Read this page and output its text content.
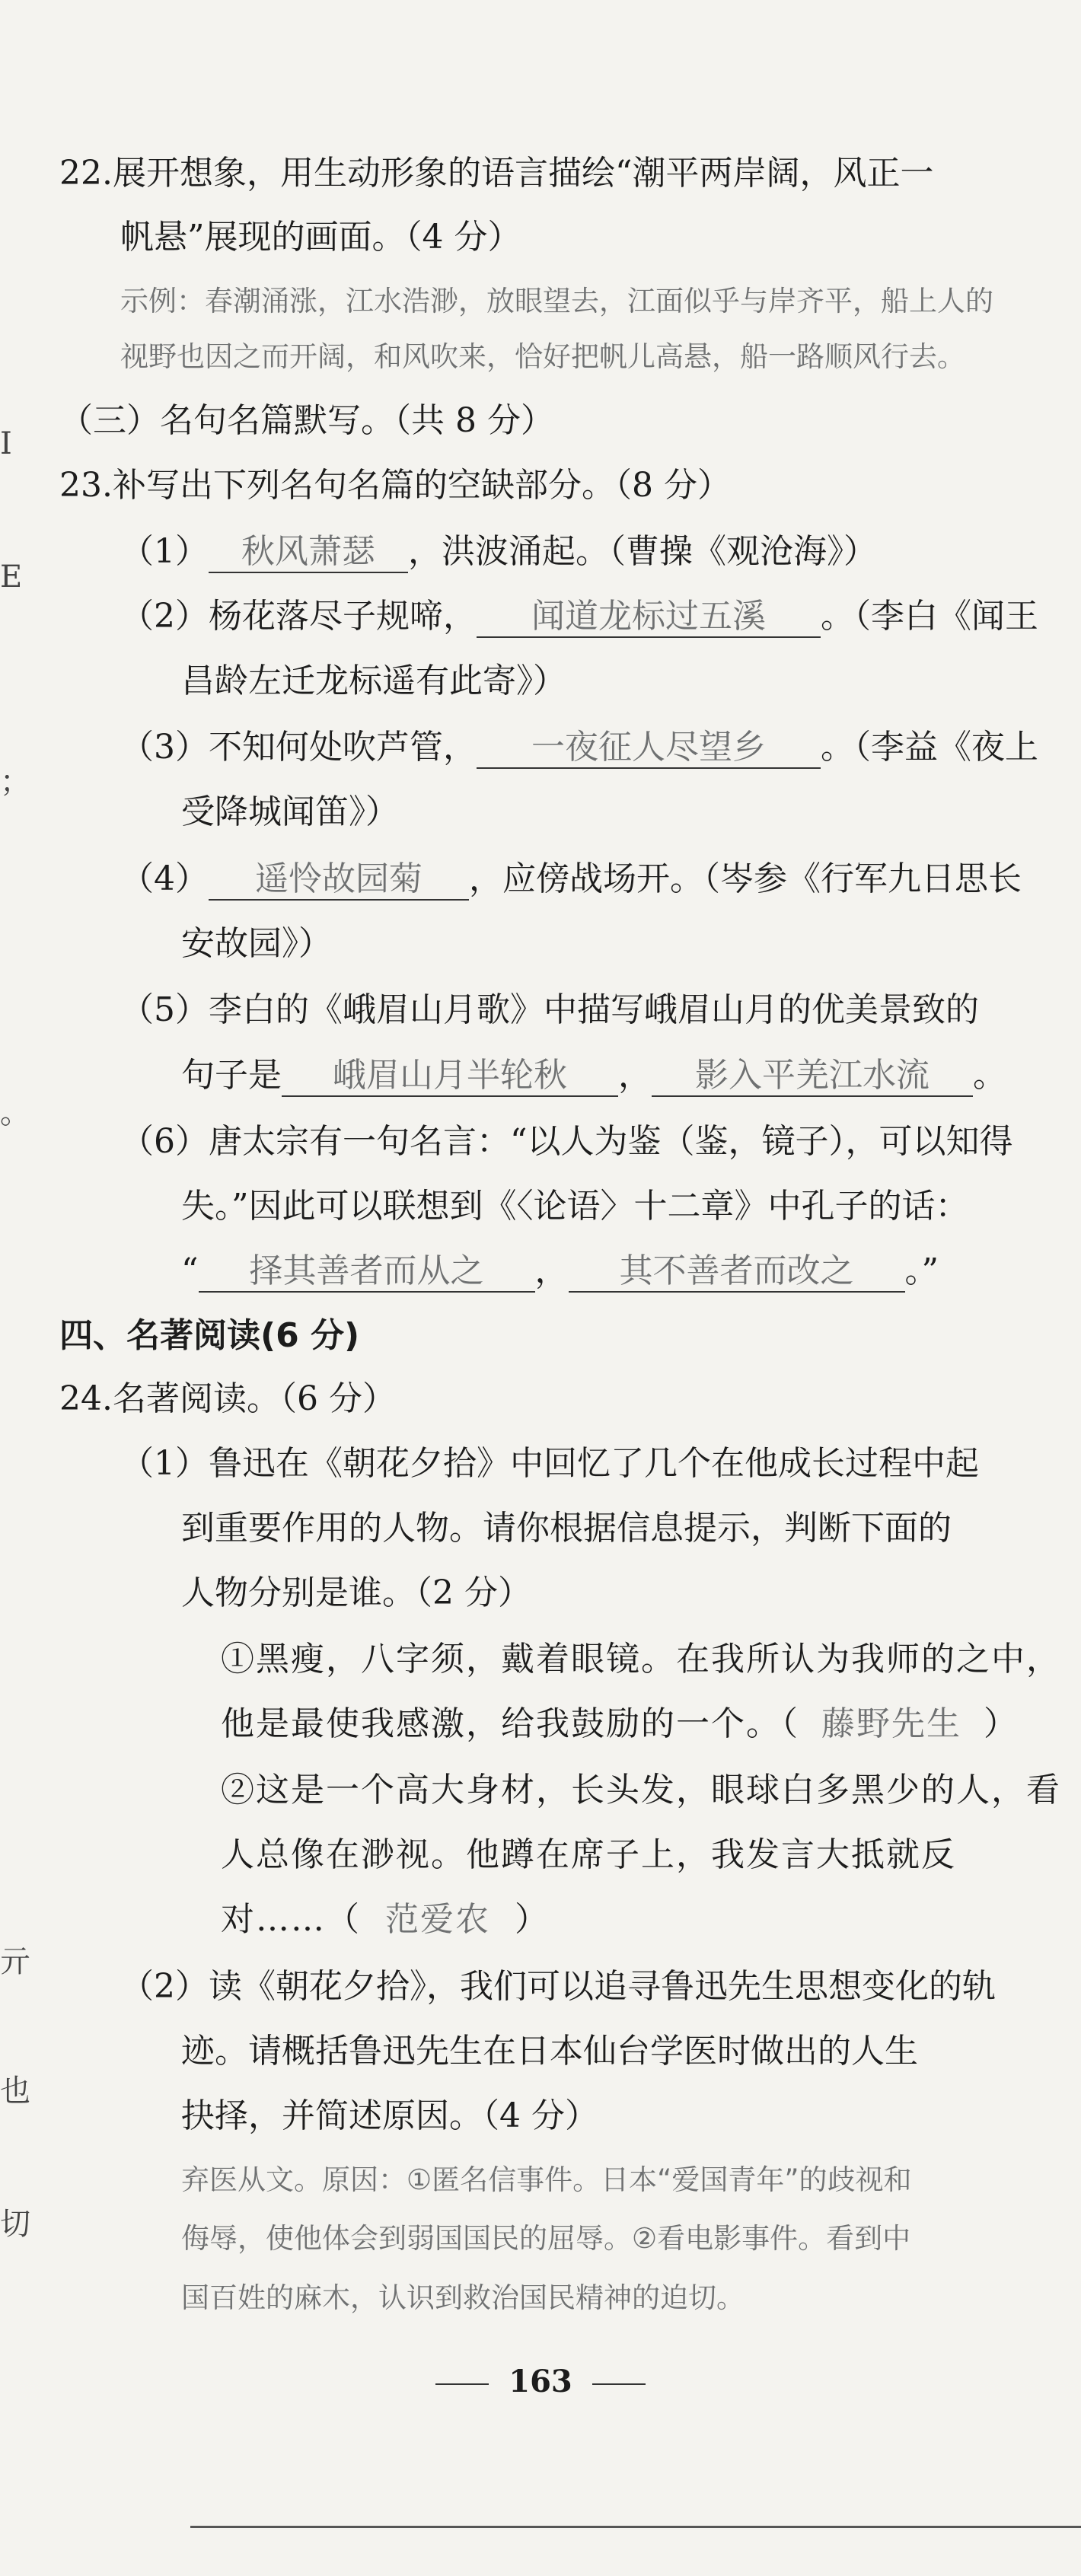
I
E
；
。
亓
也
切
22.展开想象，用生动形象的语言描绘“潮平两岸阔，风正一
帆悬”展现的画面。（4 分）
示例：春潮涌涨，江水浩渺，放眼望去，江面似乎与岸齐平，船上人的
视野也因之而开阔，和风吹来，恰好把帆儿高悬，船一路顺风行去。
（三）名句名篇默写。（共 8 分）
23.补写出下列名句名篇的空缺部分。（8 分）
（1） 秋风萧瑟 ，洪波涌起。（曹操《观沧海》）
（2）杨花落尽子规啼， 闻道龙标过五溪 。（李白《闻王
昌龄左迁龙标遥有此寄》）
（3）不知何处吹芦管， 一夜征人尽望乡 。（李益《夜上
受降城闻笛》）
（4） 遥怜故园菊 ，应傍战场开。（岑参《行军九日思长
安故园》）
（5）李白的《峨眉山月歌》中描写峨眉山月的优美景致的
句子是 峨眉山月半轮秋 ， 影入平羌江水流 。
（6）唐太宗有一句名言：“以人为鉴（鉴，镜子），可以知得
失。”因此可以联想到《〈论语〉十二章》中孔子的话：
“ 择其善者而从之 ， 其不善者而改之 。”
四、名著阅读(6 分)
24.名著阅读。（6 分）
（1）鲁迅在《朝花夕拾》中回忆了几个在他成长过程中起
到重要作用的人物。请你根据信息提示，判断下面的
人物分别是谁。（2 分）
①黑瘦，八字须，戴着眼镜。在我所认为我师的之中，
他是最使我感激，给我鼓励的一个。（ 藤野先生 ）
②这是一个高大身材，长头发，眼球白多黑少的人，看
人总像在渺视。他蹲在席子上，我发言大抵就反
对……（ 范爱农 ）
（2）读《朝花夕拾》，我们可以追寻鲁迅先生思想变化的轨
迹。请概括鲁迅先生在日本仙台学医时做出的人生
抉择，并简述原因。（4 分）
弃医从文。原因：①匿名信事件。日本“爱国青年”的歧视和
侮辱，使他体会到弱国国民的屈辱。②看电影事件。看到中
国百姓的麻木，认识到救治国民精神的迫切。
163
